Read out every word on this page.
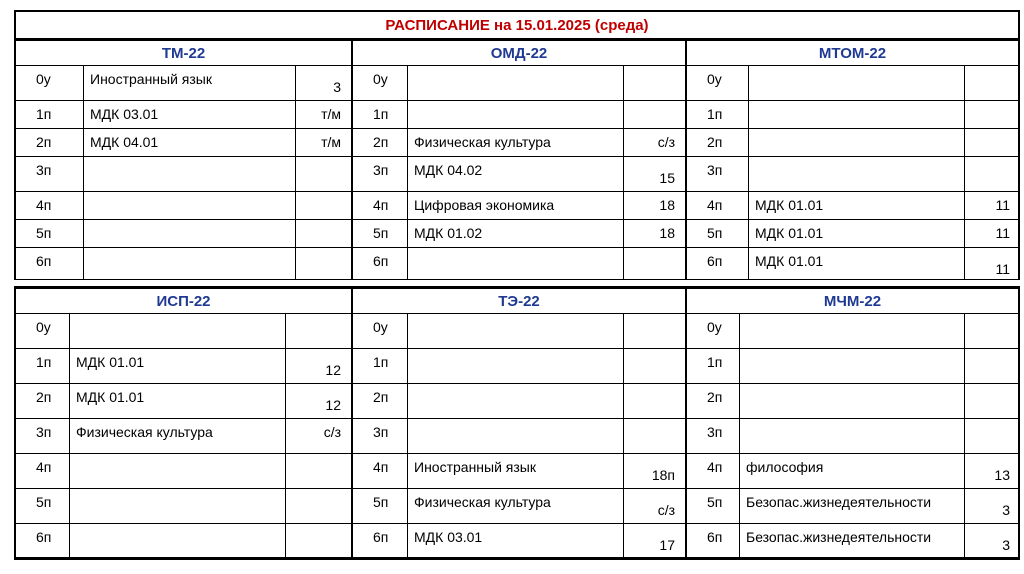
РАСПИСАНИЕ на 15.01.2025 (среда)
ТМ-22
0у	Иностранный язык	3
1п	МДК 03.01	т/м
2п	МДК 04.01	т/м
3п
4п
5п
6п
ОМД-22
0у
1п
2п	Физическая культура	с/з
3п	МДК 04.02	15
4п	Цифровая экономика	18
5п	МДК 01.02	18
6п
МТОМ-22
0у
1п
2п
3п
4п	МДК 01.01	11
5п	МДК 01.01	11
6п	МДК 01.01	11
ИСП-22
0у
1п	МДК 01.01	12
2п	МДК 01.01	12
3п	Физическая культура	с/з
4п
5п
6п
ТЭ-22
0у
1п
2п
3п
4п	Иностранный язык	18п
5п	Физическая культура	с/з
6п	МДК 03.01	17
МЧМ-22
0у
1п
2п
3п
4п	философия	13
5п	Безопас.жизнедеятельности	3
6п	Безопас.жизнедеятельности	3
